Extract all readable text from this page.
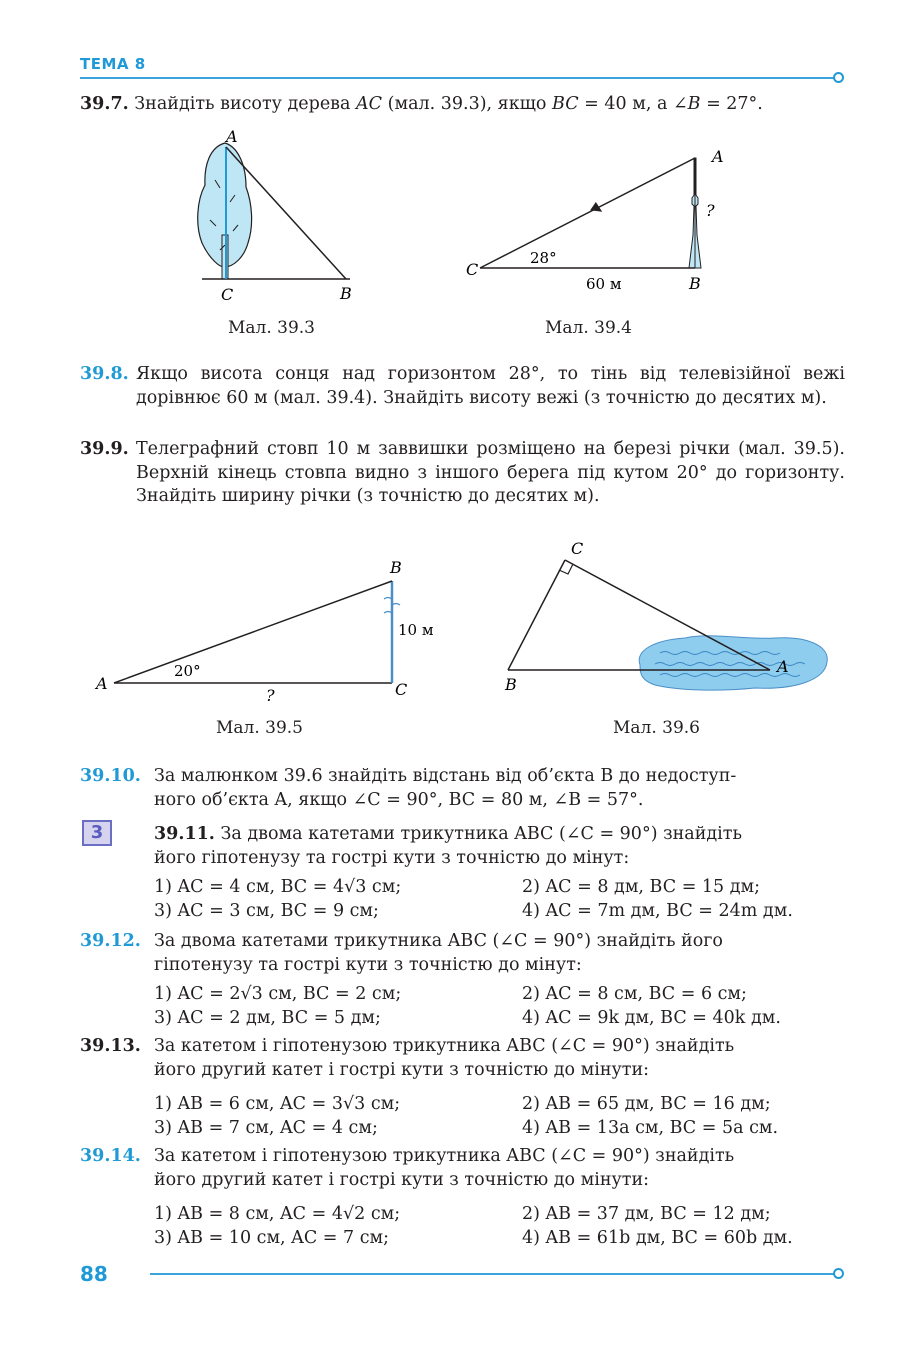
ТЕМА 8
39.7. Знайдіть висоту дерева AC (мал. 39.3), якщо BC = 40 м, а ∠B = 27°.
A
C	B
Мал. 39.3
A
?
C
28°
60 м	B
Мал. 39.4
39.8. Якщо висота сонця над горизонтом 28°, то тінь від телевізійної вежі дорівнює 60 м (мал. 39.4). Знайдіть висоту вежі (з точністю до десятих м).
39.9. Телеграфний стовп 10 м заввишки розміщено на березі річки (мал. 39.5). Верхній кінець стовпа видно з іншого берега під кутом 20° до горизонту. Знайдіть ширину річки (з точністю до десятих м).
B
10 м
A
20°
?	C
Мал. 39.5
C
B
A
Мал. 39.6
39.10. За малюнком 39.6 знайдіть відстань від об’єкта B до недоступ-
ного об’єкта A, якщо ∠C = 90°, BC = 80 м, ∠B = 57°.
3	39.11. За двома катетами трикутника ABC (∠C = 90°) знайдіть
його гіпотенузу та гострі кути з точністю до мінут:
1) AC = 4 см, BC = 4√3 см;	2) AC = 8 дм, BC = 15 дм;
3) AC = 3 см, BC = 9 см;	4) AC = 7m дм, BC = 24m дм.
39.12. За двома катетами трикутника ABC (∠C = 90°) знайдіть його
гіпотенузу та гострі кути з точністю до мінут:
1) AC = 2√3 см, BC = 2 см;	2) AC = 8 см, BC = 6 см;
3) AC = 2 дм, BC = 5 дм;	4) AC = 9k дм, BC = 40k дм.
39.13. За катетом і гіпотенузою трикутника ABC (∠C = 90°) знайдіть
його другий катет і гострі кути з точністю до мінути:
1) AB = 6 см, AC = 3√3 см;	2) AB = 65 дм, BC = 16 дм;
3) AB = 7 см, AC = 4 см;	4) AB = 13a см, BC = 5a см.
39.14. За катетом і гіпотенузою трикутника ABC (∠C = 90°) знайдіть
його другий катет і гострі кути з точністю до мінути:
1) AB = 8 см, AC = 4√2 см;	2) AB = 37 дм, BC = 12 дм;
3) AB = 10 см, AC = 7 см;	4) AB = 61b дм, BC = 60b дм.
88
